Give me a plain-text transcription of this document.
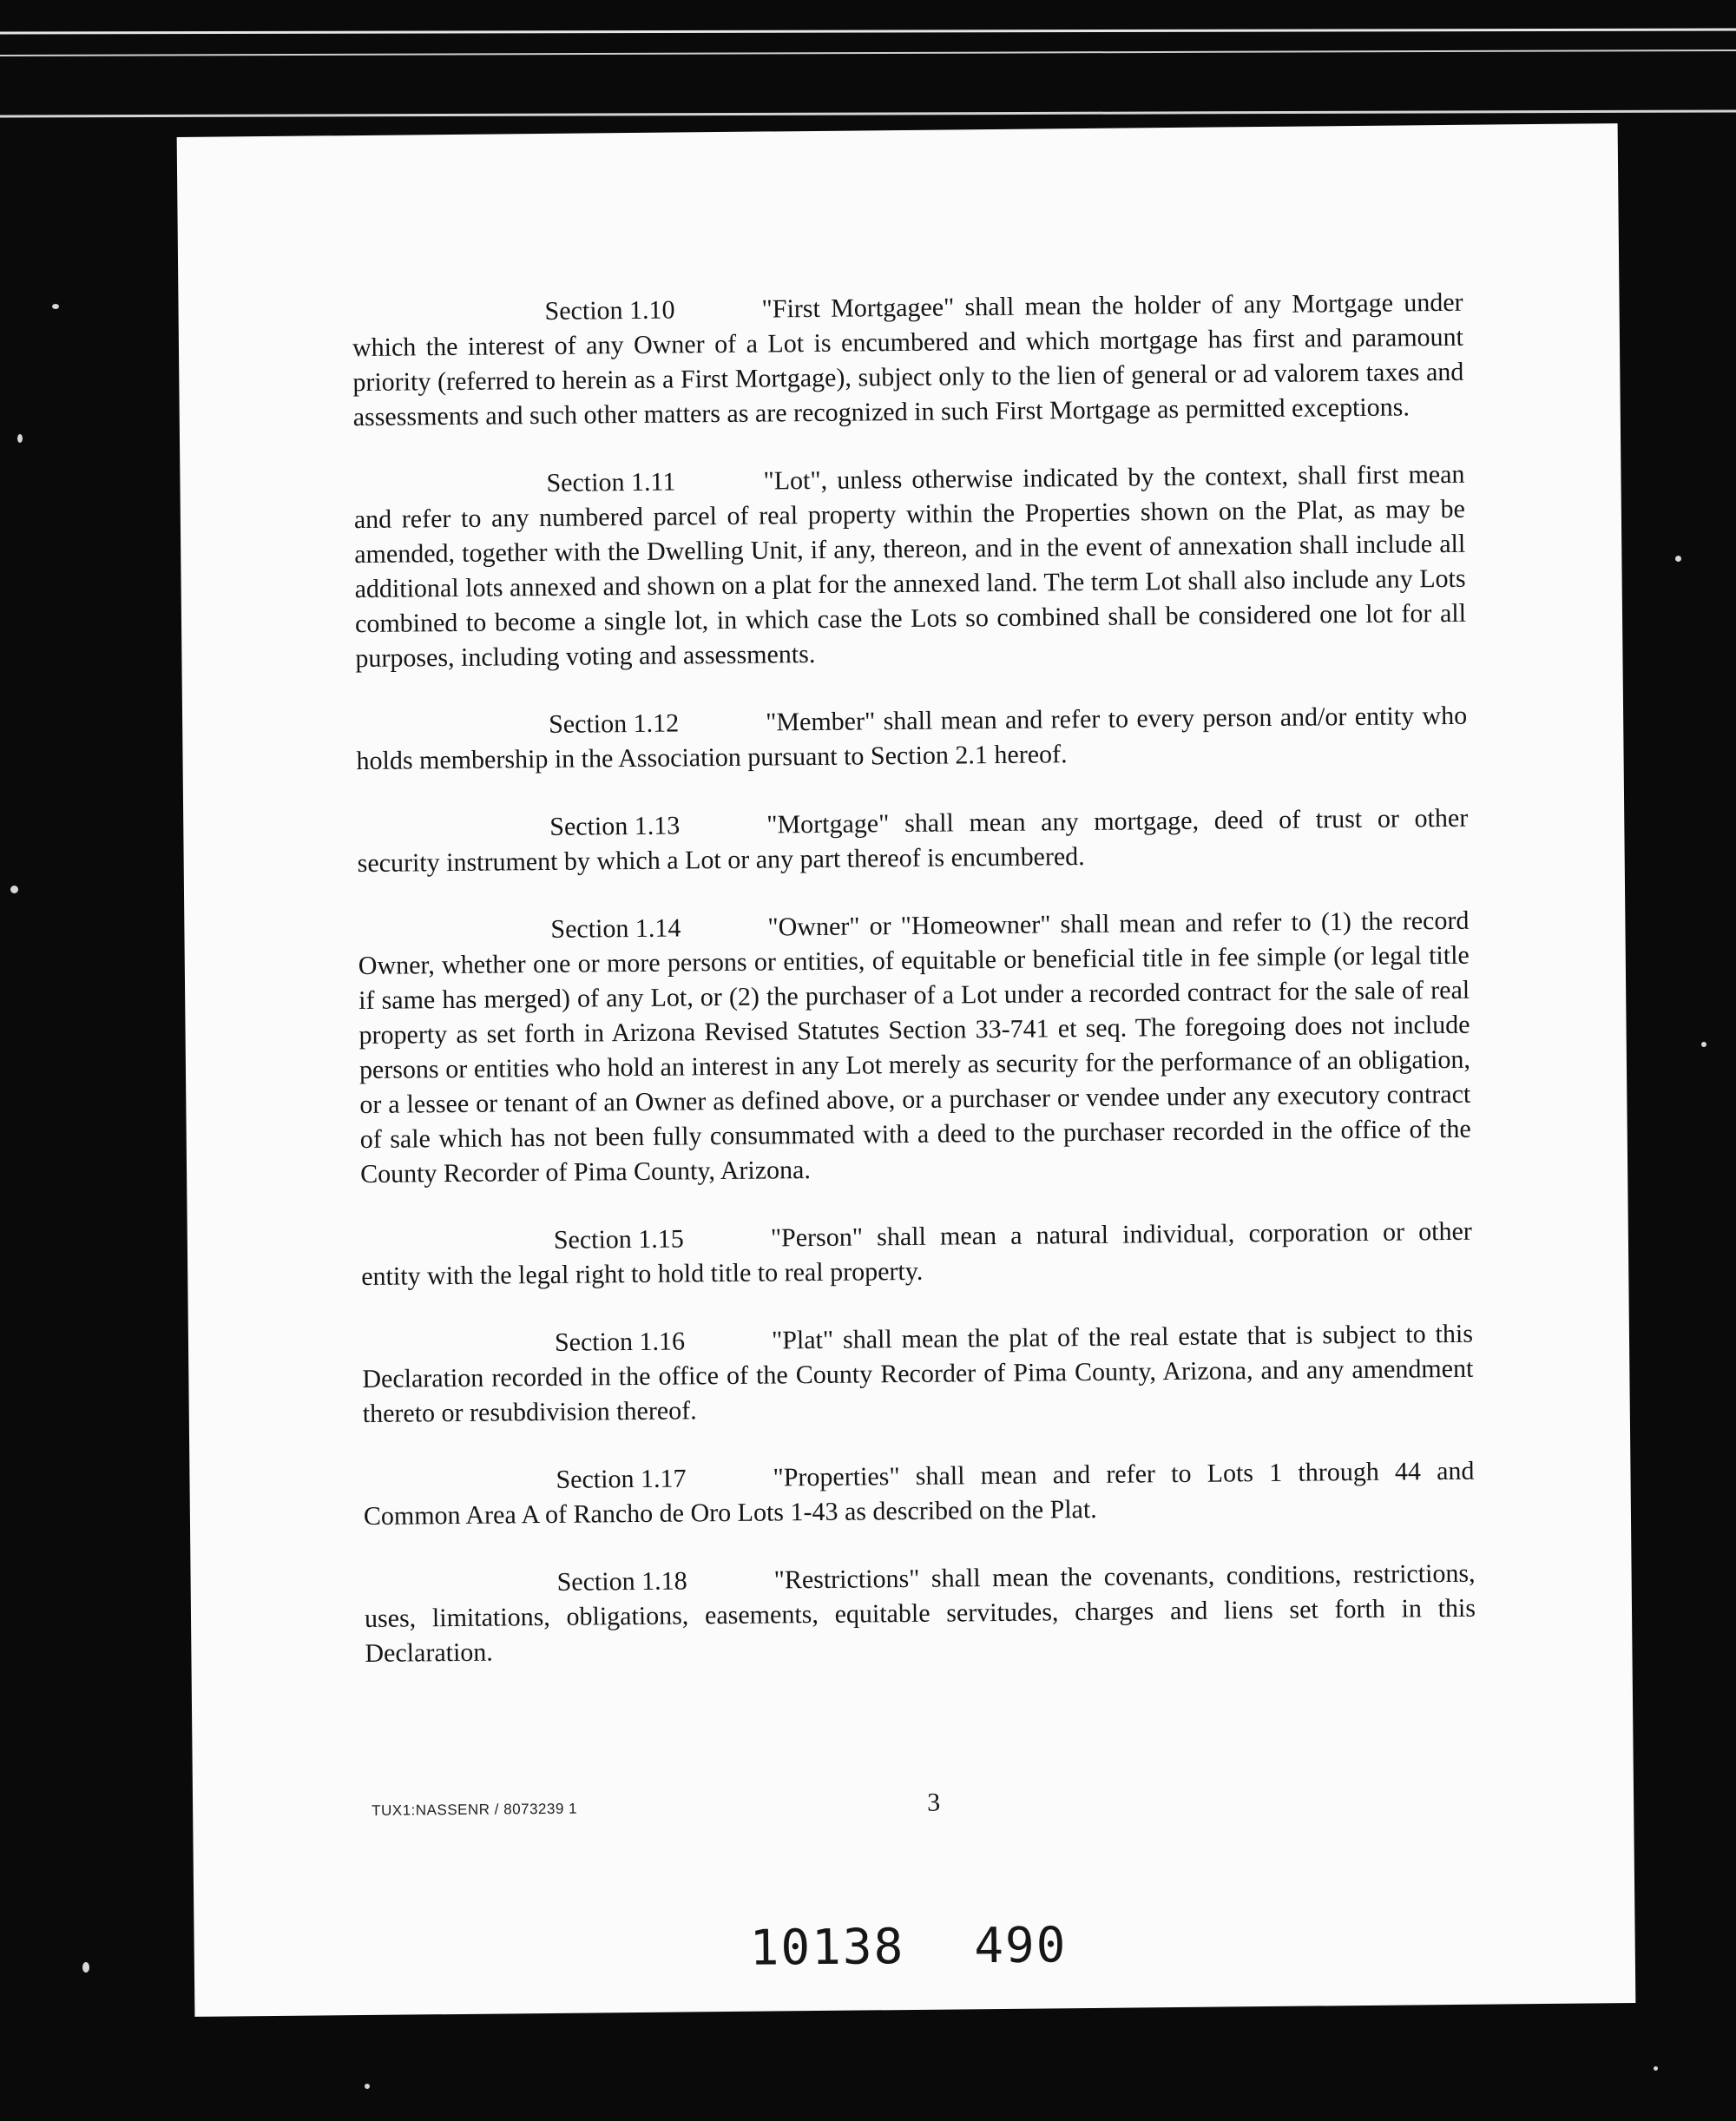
Section 1.10	"First Mortgagee" shall mean the holder of any Mortgage under which the interest of any Owner of a Lot is encumbered and which mortgage has first and paramount priority (referred to herein as a First Mortgage), subject only to the lien of general or ad valorem taxes and assessments and such other matters as are recognized in such First Mortgage as permitted exceptions.

Section 1.11	"Lot", unless otherwise indicated by the context, shall first mean and refer to any numbered parcel of real property within the Properties shown on the Plat, as may be amended, together with the Dwelling Unit, if any, thereon, and in the event of annexation shall include all additional lots annexed and shown on a plat for the annexed land. The term Lot shall also include any Lots combined to become a single lot, in which case the Lots so combined shall be considered one lot for all purposes, including voting and assessments.

Section 1.12	"Member" shall mean and refer to every person and/or entity who holds membership in the Association pursuant to Section 2.1 hereof.

Section 1.13	"Mortgage" shall mean any mortgage, deed of trust or other security instrument by which a Lot or any part thereof is encumbered.

Section 1.14	"Owner" or "Homeowner" shall mean and refer to (1) the record Owner, whether one or more persons or entities, of equitable or beneficial title in fee simple (or legal title if same has merged) of any Lot, or (2) the purchaser of a Lot under a recorded contract for the sale of real property as set forth in Arizona Revised Statutes Section 33-741 et seq. The foregoing does not include persons or entities who hold an interest in any Lot merely as security for the performance of an obligation, or a lessee or tenant of an Owner as defined above, or a purchaser or vendee under any executory contract of sale which has not been fully consummated with a deed to the purchaser recorded in the office of the County Recorder of Pima County, Arizona.

Section 1.15	"Person" shall mean a natural individual, corporation or other entity with the legal right to hold title to real property.

Section 1.16	"Plat" shall mean the plat of the real estate that is subject to this Declaration recorded in the office of the County Recorder of Pima County, Arizona, and any amendment thereto or resubdivision thereof.

Section 1.17	"Properties" shall mean and refer to Lots 1 through 44 and Common Area A of Rancho de Oro Lots 1-43 as described on the Plat.

Section 1.18	"Restrictions" shall mean the covenants, conditions, restrictions, uses, limitations, obligations, easements, equitable servitudes, charges and liens set forth in this Declaration.

TUX1:NASSENR / 8073239 1	3
10138 490
